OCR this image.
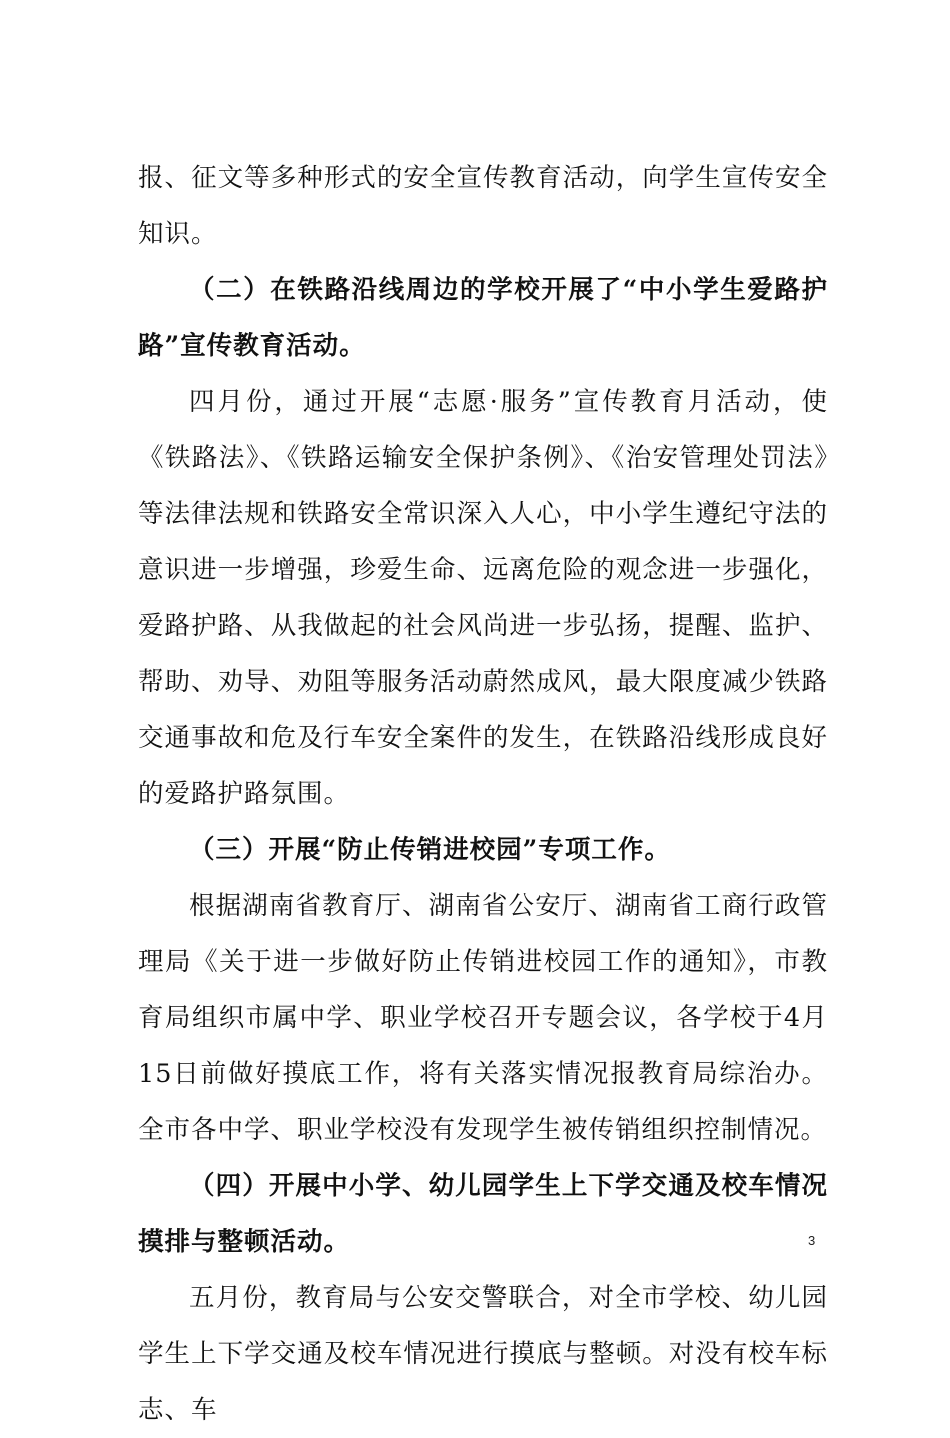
报、征文等多种形式的安全宣传教育活动，向学生宣传安全知识。

（二）在铁路沿线周边的学校开展了“中小学生爱路护路”宣传教育活动。

四月份，通过开展“志愿·服务”宣传教育月活动，使《铁路法》、《铁路运输安全保护条例》、《治安管理处罚法》等法律法规和铁路安全常识深入人心，中小学生遵纪守法的意识进一步增强，珍爱生命、远离危险的观念进一步强化，爱路护路、从我做起的社会风尚进一步弘扬，提醒、监护、帮助、劝导、劝阻等服务活动蔚然成风，最大限度减少铁路交通事故和危及行车安全案件的发生，在铁路沿线形成良好的爱路护路氛围。

（三）开展“防止传销进校园”专项工作。

根据湖南省教育厅、湖南省公安厅、湖南省工商行政管理局《关于进一步做好防止传销进校园工作的通知》，市教育局组织市属中学、职业学校召开专题会议，各学校于4月15日前做好摸底工作，将有关落实情况报教育局综治办。全市各中学、职业学校没有发现学生被传销组织控制情况。

（四）开展中小学、幼儿园学生上下学交通及校车情况摸排与整顿活动。

五月份，教育局与公安交警联合，对全市学校、幼儿园学生上下学交通及校车情况进行摸底与整顿。对没有校车标志、车

3
